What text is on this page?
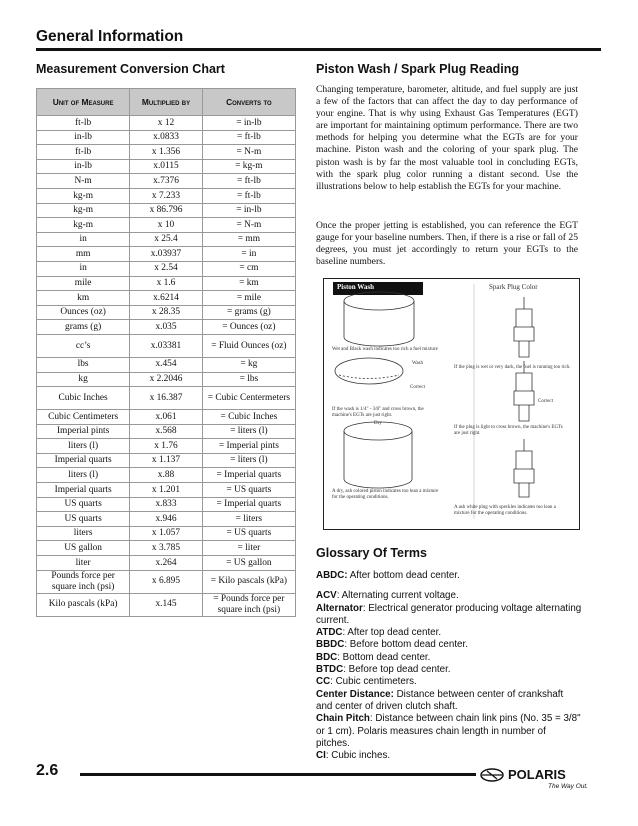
General Information
Measurement Conversion Chart
Unit of Measure	Multiplied by	Converts to
ft-lb	x 12	= in-lb
in-lb	x.0833	= ft-lb
ft-lb	x 1.356	= N-m
in-lb	x.0115	= kg-m
N-m	x.7376	= ft-lb
kg-m	x 7.233	= ft-lb
kg-m	x 86.796	= in-lb
kg-m	x 10	= N-m
in	x 25.4	= mm
mm	x.03937	= in
in	x 2.54	= cm
mile	x 1.6	= km
km	x.6214	= mile
Ounces (oz)	x 28.35	= grams (g)
grams (g)	x.035	= Ounces (oz)
cc’s	x.03381	= Fluid Ounces (oz)
lbs	x.454	= kg
kg	x 2.2046	= lbs
Cubic Inches	x 16.387	= Cubic Centermeters
Cubic Centimeters	x.061	= Cubic Inches
Imperial pints	x.568	= liters (l)
liters (l)	x 1.76	= Imperial pints
Imperial quarts	x 1.137	= liters (l)
liters (l)	x.88	= Imperial quarts
Imperial quarts	x 1.201	= US quarts
US quarts	x.833	= Imperial quarts
US quarts	x.946	= liters
liters	x 1.057	= US quarts
US gallon	x 3.785	= liter
liter	x.264	= US gallon
Pounds force per square inch (psi)	x 6.895	= Kilo pascals (kPa)
Kilo pascals (kPa)	x.145	= Pounds force per square inch (psi)
Piston Wash / Spark Plug Reading
Changing temperature, barometer, altitude, and fuel supply are just a few of the factors that can affect the day to day performance of your engine. That is why using Exhaust Gas Temperatures (EGT) are important for maintaining optimum performance. There are two methods for helping you determine what the EGTs are for your machine. Piston wash and the coloring of your spark plug. The piston wash is by far the most valuable tool in concluding EGTs, with the spark plug color running a distant second. Use the illustrations below to help establish the EGTs for your machine.
Once the proper jetting is established, you can reference the EGT gauge for your baseline numbers. Then, if there is a rise or fall of 25 degrees, you must jet accordingly to return your EGTs to the baseline numbers.
Piston Wash	Spark Plug Color
Wet and Black wash indicates too rich a fuel mixture
Wash
Correct
If the wash is 1/4" - 3/8" and cross brown, the machine's EGTs are just right.
Dry
A dry, ash colored piston indicates too lean a mixture for the operating conditions.
If the plug is wet or very dark, the fuel is running too rich.
Correct
If the plug is light to cross brown, the machine's EGTs are just right.
A ash white plug with speckles indicates too lean a mixture for the operating conditions.
Glossary Of Terms

ABDC: After bottom dead center.

ACV: Alternating current voltage.

Alternator: Electrical generator producing voltage alternating current.

ATDC: After top dead center.

BBDC: Before bottom dead center.

BDC: Bottom dead center.

BTDC: Before top dead center.

CC: Cubic centimeters.

Center Distance: Distance between center of crankshaft and center of driven clutch shaft.

Chain Pitch: Distance between chain link pins (No. 35 = 3/8" or 1 cm). Polaris measures chain length in number of pitches.

CI: Cubic inches.

2.6	POLARIS
The Way Out.
